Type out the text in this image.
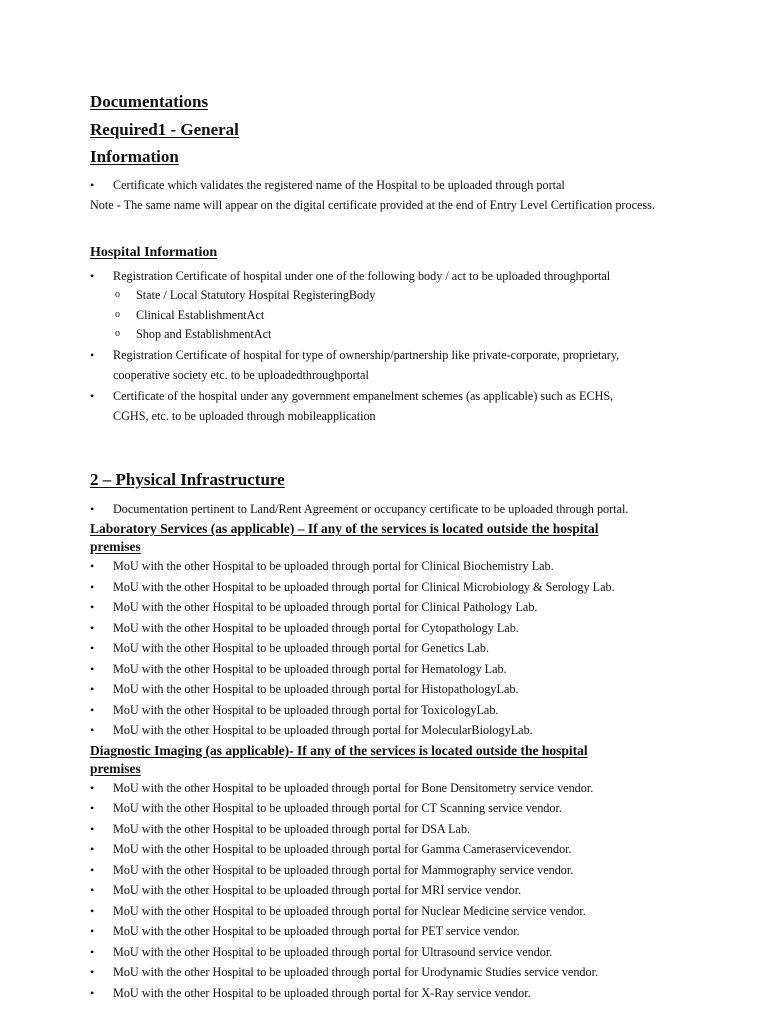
Documentations

Required1 - General

Information

• Certificate which validates the registered name of the Hospital to be uploaded through portal

Note - The same name will appear on the digital certificate provided at the end of Entry Level Certification process.

Hospital Information

• Registration Certificate of hospital under one of the following body / act to be uploaded throughportal
o State / Local Statutory Hospital RegisteringBody
o Clinical EstablishmentAct
o Shop and EstablishmentAct
• Registration Certificate of hospital for type of ownership/partnership like private-corporate, proprietary,
cooperative society etc. to be uploadedthroughportal
• Certificate of the hospital under any government empanelment schemes (as applicable) such as ECHS,
CGHS, etc. to be uploaded through mobileapplication

2 – Physical Infrastructure

• Documentation pertinent to Land/Rent Agreement or occupancy certificate to be uploaded through portal.

Laboratory Services (as applicable) – If any of the services is located outside the hospital

premises

• MoU with the other Hospital to be uploaded through portal for Clinical Biochemistry Lab.
• MoU with the other Hospital to be uploaded through portal for Clinical Microbiology & Serology Lab.
• MoU with the other Hospital to be uploaded through portal for Clinical Pathology Lab.
• MoU with the other Hospital to be uploaded through portal for Cytopathology Lab.
• MoU with the other Hospital to be uploaded through portal for Genetics Lab.
• MoU with the other Hospital to be uploaded through portal for Hematology Lab.
• MoU with the other Hospital to be uploaded through portal for HistopathologyLab.
• MoU with the other Hospital to be uploaded through portal for ToxicologyLab.
• MoU with the other Hospital to be uploaded through portal for MolecularBiologyLab.

Diagnostic Imaging (as applicable)- If any of the services is located outside the hospital

premises

• MoU with the other Hospital to be uploaded through portal for Bone Densitometry service vendor.
• MoU with the other Hospital to be uploaded through portal for CT Scanning service vendor.
• MoU with the other Hospital to be uploaded through portal for DSA Lab.
• MoU with the other Hospital to be uploaded through portal for Gamma Cameraservicevendor.
• MoU with the other Hospital to be uploaded through portal for Mammography service vendor.
• MoU with the other Hospital to be uploaded through portal for MRI service vendor.
• MoU with the other Hospital to be uploaded through portal for Nuclear Medicine service vendor.
• MoU with the other Hospital to be uploaded through portal for PET service vendor.
• MoU with the other Hospital to be uploaded through portal for Ultrasound service vendor.
• MoU with the other Hospital to be uploaded through portal for Urodynamic Studies service vendor.
• MoU with the other Hospital to be uploaded through portal for X-Ray service vendor.
